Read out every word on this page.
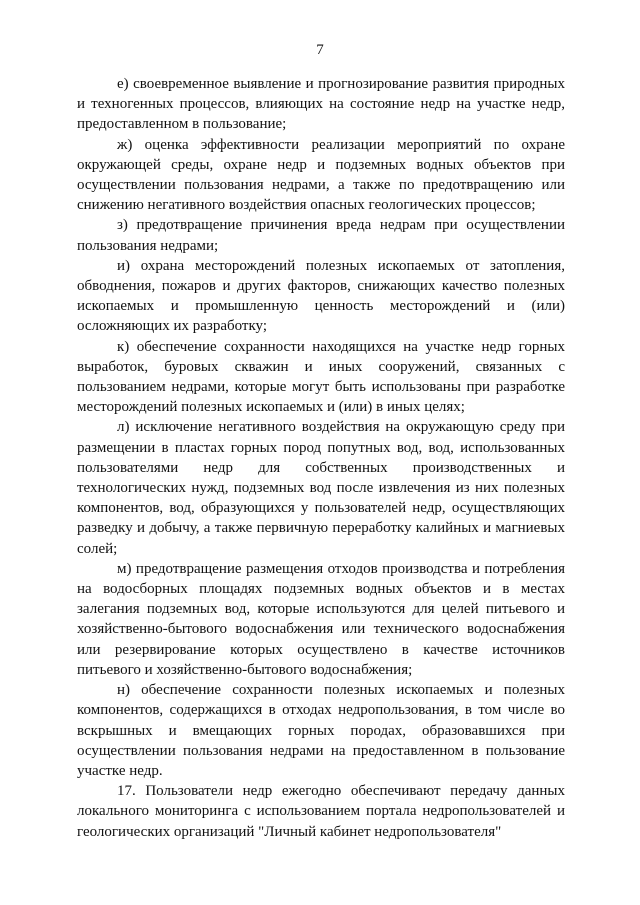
7

е) своевременное выявление и прогнозирование развития природных и техногенных процессов, влияющих на состояние недр на участке недр, предоставленном в пользование;

ж) оценка эффективности реализации мероприятий по охране окружающей среды, охране недр и подземных водных объектов при осуществлении пользования недрами, а также по предотвращению или снижению негативного воздействия опасных геологических процессов;

з) предотвращение причинения вреда недрам при осуществлении пользования недрами;

и) охрана месторождений полезных ископаемых от затопления, обводнения, пожаров и других факторов, снижающих качество полезных ископаемых и промышленную ценность месторождений и (или) осложняющих их разработку;

к) обеспечение сохранности находящихся на участке недр горных выработок, буровых скважин и иных сооружений, связанных с пользованием недрами, которые могут быть использованы при разработке месторождений полезных ископаемых и (или) в иных целях;

л) исключение негативного воздействия на окружающую среду при размещении в пластах горных пород попутных вод, вод, использованных пользователями недр для собственных производственных и технологических нужд, подземных вод после извлечения из них полезных компонентов, вод, образующихся у пользователей недр, осуществляющих разведку и добычу, а также первичную переработку калийных и магниевых солей;

м) предотвращение размещения отходов производства и потребления на водосборных площадях подземных водных объектов и в местах залегания подземных вод, которые используются для целей питьевого и хозяйственно-бытового водоснабжения или технического водоснабжения или резервирование которых осуществлено в качестве источников питьевого и хозяйственно-бытового водоснабжения;

н) обеспечение сохранности полезных ископаемых и полезных компонентов, содержащихся в отходах недропользования, в том числе во вскрышных и вмещающих горных породах, образовавшихся при осуществлении пользования недрами на предоставленном в пользование участке недр.

17. Пользователи недр ежегодно обеспечивают передачу данных локального мониторинга с использованием портала недропользователей и геологических организаций "Личный кабинет недропользователя"
